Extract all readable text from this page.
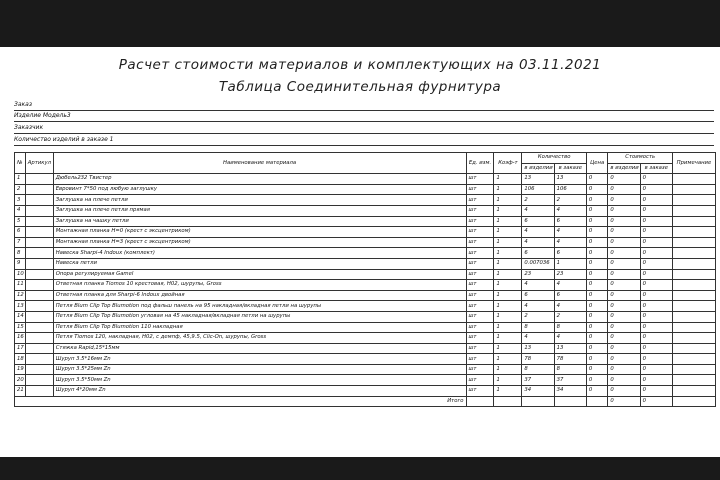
Расчет стоимости материалов и комплектующих на 03.11.2021
Таблица Соединительная фурнитура
Заказ
Изделие Модель3
Заказчик
Количество изделий в заказе 1
№	Артикул	Наименование материала	Ед. изм.	Коэф-т	Количество		Цена	Стоимость		Примечание
					в изделии	в заказе		в изделии	в заказе	
1		Дюбель232 Твистер	шт	1	13	13	0	0	0	
2		Евровинт 7*50 под любую заглушку	шт	1	106	106	0	0	0	
3		Заглушка на плече петли	шт	1	2	2	0	0	0	
4		Заглушка на плече петли прямая	шт	1	4	4	0	0	0	
5		Заглушка на чашку петли	шт	1	6	6	0	0	0	
6		Монтажная планка H=0 (крест с эксцентриком)	шт	1	4	4	0	0	0	
7		Монтажная планка H=3 (крест с эксцентриком)	шт	1	4	4	0	0	0	
8		Навеска Sharpi-4 Indoux (комплект)	шт	1	6	6	0	0	0	
9		Навеска петли	шт	1	0.007036	1	0	0	0	
10		Опора регулируемая Gamel	шт	1	23	23	0	0	0	
11		Ответная планка Tiomos 10 крестовая, H02, шурупы, Gross	шт	1	4	4	0	0	0	
12		Ответная планка для Sharpi-6 Indoux двойная	шт	1	6	6	0	0	0	
13		Петля Blum Clip Top Blumotion под фальш панель на 95 накладная/вкладная петли на шурупы	шт	1	4	4	0	0	0	
14		Петля Blum Clip Top Blumotion угловая на 45 накладная/вкладная петли на шурупы	шт	1	2	2	0	0	0	
15		Петля Blum Clip Top Blumotion 110 накладная	шт	1	8	8	0	0	0	
16		Петля Tiomos 120, накладная, H02, с демпф, 45,9.5, Clic-On, шурупы, Gross	шт	1	4	4	0	0	0	
17		Стяжка Rapid,15*15мм	шт	1	13	13	0	0	0	
18		Шуруп 3.5*16мм Zn	шт	1	78	78	0	0	0	
19		Шуруп 3.5*25мм Zn	шт	1	8	8	0	0	0	
20		Шуруп 3.5*50мм Zn	шт	1	37	37	0	0	0	
21		Шуруп 4*20мм Zn	шт	1	34	34	0	0	0	
Итого								0	0	
